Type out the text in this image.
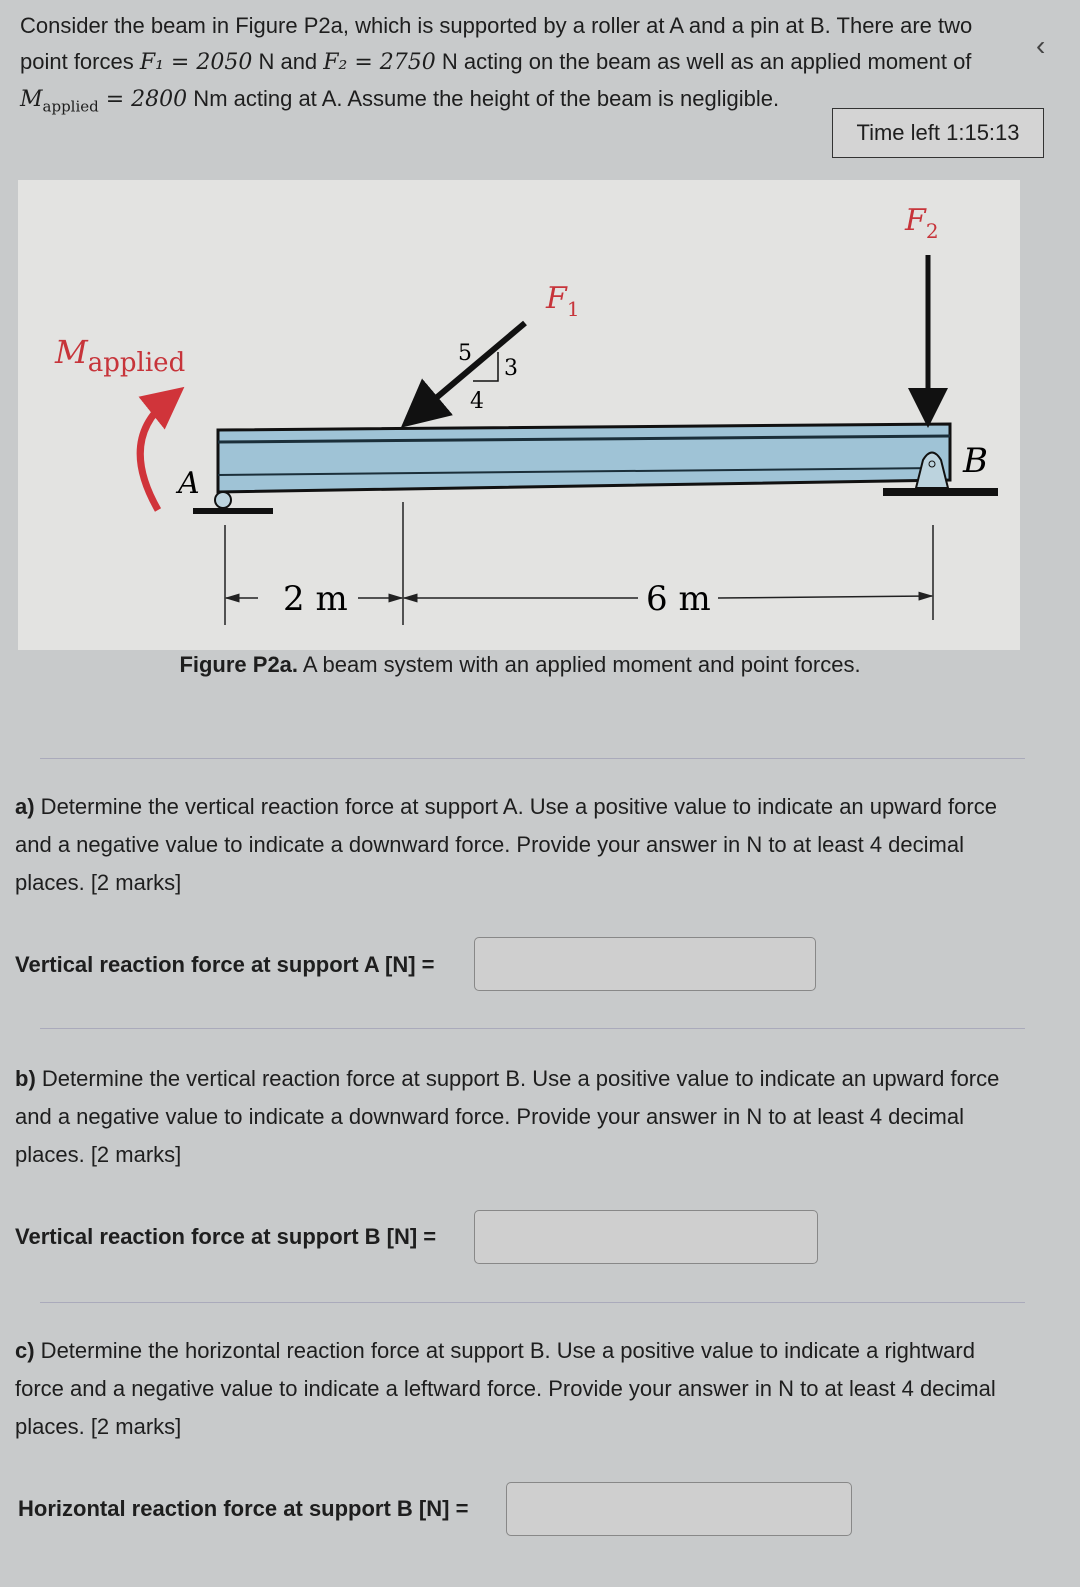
Consider the beam in Figure P2a, which is supported by a roller at A and a pin at B. There are two point forces F₁ = 2050 N and F₂ = 2750 N acting on the beam as well as an applied moment of $M_{applied} = 2800$ Nm acting at A. Assume the height of the beam is negligible.
‹
Time left 1:15:13
$M_{applied}$	5
3
4
$F_1$
$F_2$
A
B
2 m	6 m
Figure P2a. A beam system with an applied moment and point forces.
a) Determine the vertical reaction force at support A. Use a positive value to indicate an upward force and a negative value to indicate a downward force. Provide your answer in N to at least 4 decimal places. [2 marks]
Vertical reaction force at support A [N] =
b) Determine the vertical reaction force at support B. Use a positive value to indicate an upward force and a negative value to indicate a downward force. Provide your answer in N to at least 4 decimal places. [2 marks]
Vertical reaction force at support B [N] =
c) Determine the horizontal reaction force at support B. Use a positive value to indicate a rightward force and a negative value to indicate a leftward force. Provide your answer in N to at least 4 decimal places. [2 marks]
Horizontal reaction force at support B [N] =
